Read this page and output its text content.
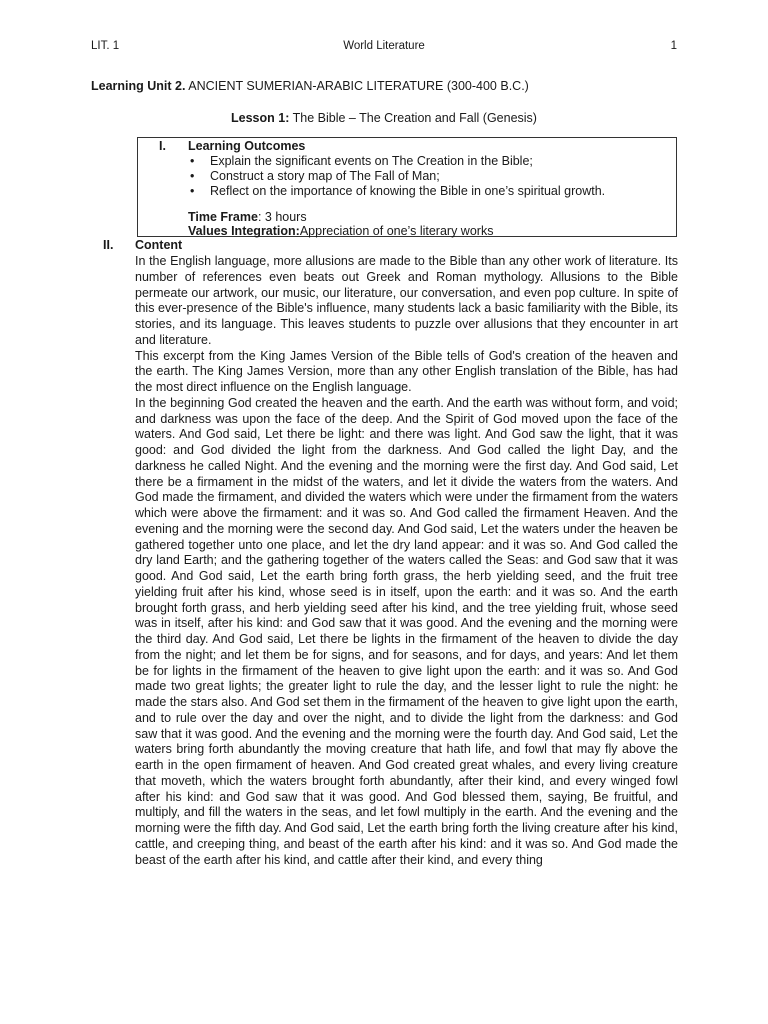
LIT. 1	World Literature	1
Learning Unit 2. ANCIENT SUMERIAN-ARABIC LITERATURE (300-400 B.C.)
Lesson 1: The Bible – The Creation and Fall (Genesis)
I. Learning Outcomes
• Explain the significant events on The Creation in the Bible;
• Construct a story map of The Fall of Man;
• Reflect on the importance of knowing the Bible in one’s spiritual growth.
Time Frame: 3 hours
Values Integration:Appreciation of one’s literary works
II. Content

In the English language, more allusions are made to the Bible than any other work of literature. Its number of references even beats out Greek and Roman mythology. Allusions to the Bible permeate our artwork, our music, our literature, our conversation, and even pop culture. In spite of this ever-presence of the Bible's influence, many students lack a basic familiarity with the Bible, its stories, and its language. This leaves students to puzzle over allusions that they encounter in art and literature.

This excerpt from the King James Version of the Bible tells of God's creation of the heaven and the earth. The King James Version, more than any other English translation of the Bible, has had the most direct influence on the English language.

In the beginning God created the heaven and the earth. And the earth was without form, and void; and darkness was upon the face of the deep. And the Spirit of God moved upon the face of the waters. And God said, Let there be light: and there was light. And God saw the light, that it was good: and God divided the light from the darkness. And God called the light Day, and the darkness he called Night. And the evening and the morning were the first day. And God said, Let there be a firmament in the midst of the waters, and let it divide the waters from the waters. And God made the firmament, and divided the waters which were under the firmament from the waters which were above the firmament: and it was so. And God called the firmament Heaven. And the evening and the morning were the second day. And God said, Let the waters under the heaven be gathered together unto one place, and let the dry land appear: and it was so. And God called the dry land Earth; and the gathering together of the waters called the Seas: and God saw that it was good. And God said, Let the earth bring forth grass, the herb yielding seed, and the fruit tree yielding fruit after his kind, whose seed is in itself, upon the earth: and it was so. And the earth brought forth grass, and herb yielding seed after his kind, and the tree yielding fruit, whose seed was in itself, after his kind: and God saw that it was good. And the evening and the morning were the third day. And God said, Let there be lights in the firmament of the heaven to divide the day from the night; and let them be for signs, and for seasons, and for days, and years: And let them be for lights in the firmament of the heaven to give light upon the earth: and it was so. And God made two great lights; the greater light to rule the day, and the lesser light to rule the night: he made the stars also. And God set them in the firmament of the heaven to give light upon the earth, and to rule over the day and over the night, and to divide the light from the darkness: and God saw that it was good. And the evening and the morning were the fourth day. And God said, Let the waters bring forth abundantly the moving creature that hath life, and fowl that may fly above the earth in the open firmament of heaven. And God created great whales, and every living creature that moveth, which the waters brought forth abundantly, after their kind, and every winged fowl after his kind: and God saw that it was good. And God blessed them, saying, Be fruitful, and multiply, and fill the waters in the seas, and let fowl multiply in the earth. And the evening and the morning were the fifth day. And God said, Let the earth bring forth the living creature after his kind, cattle, and creeping thing, and beast of the earth after his kind: and it was so. And God made the beast of the earth after his kind, and cattle after their kind, and every thing
